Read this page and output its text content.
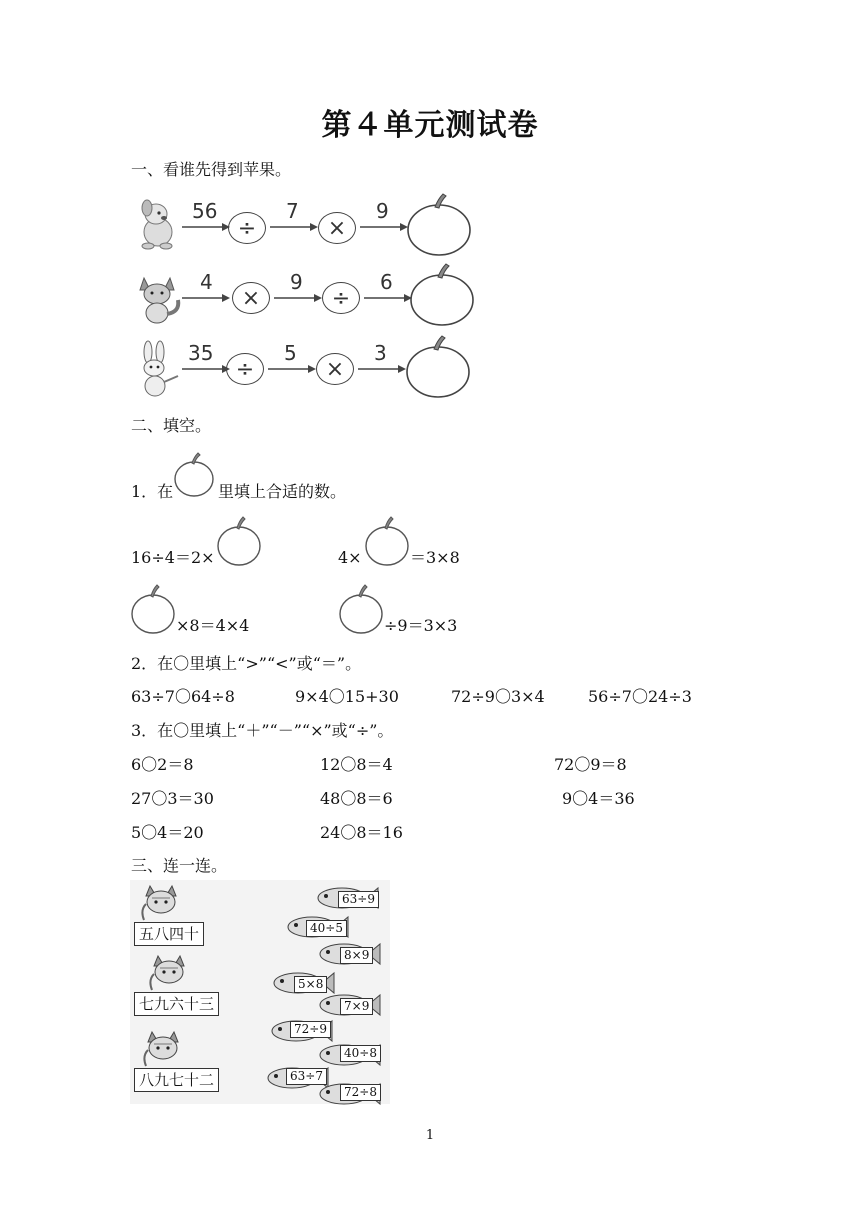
第４单元测试卷
一、看谁先得到苹果。
56
÷
7
×
9
4
×
9
÷
6
35
÷
5
×
3
二、填空。
1．在	里填上合适的数。
16÷4＝2×	4×	＝3×8
×8＝4×4	÷9＝3×3
2．在〇里填上“>”“<”或“＝”。
63÷7〇64÷8	9×4〇15+30	72÷9〇3×4	56÷7〇24÷3
3．在〇里填上“＋”“－”“×”或“÷”。
6〇2＝8	12〇8＝4	72〇9＝8
27〇3＝30	48〇8＝6	9〇4＝36
5〇4＝20	24〇8＝16
三、连一连。
五八四十
七九六十三
八九七十二
63÷9
40÷5
8×9
5×8
7×9
72÷9
40÷8
63÷7
72÷8
1
